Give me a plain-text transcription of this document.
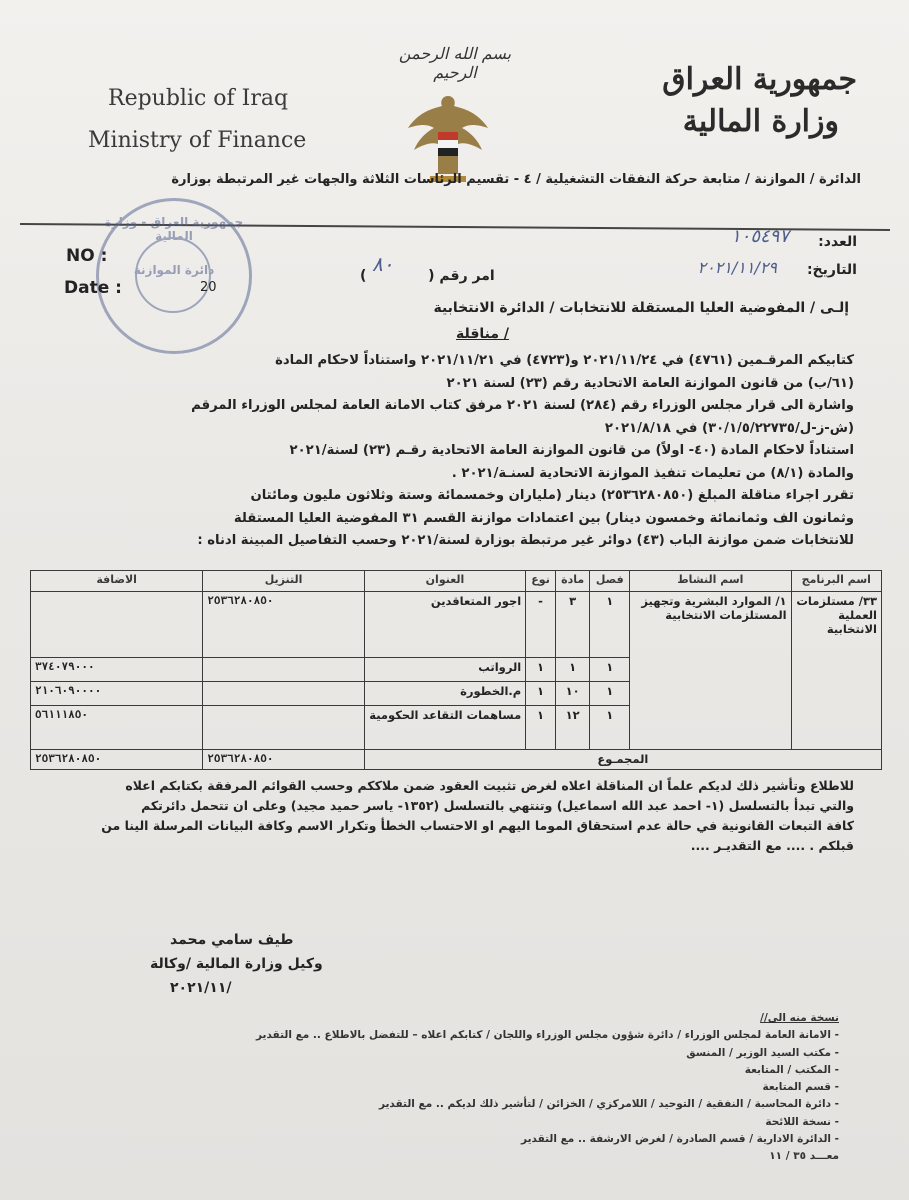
Republic of Iraq
Ministry of Finance
جمهورية العراق
وزارة المالية
بسم الله الرحمن الرحيم
الدائرة / الموازنة / متابعة حركة النفقات التشغيلية / ٤ - تقسيم الرئاسات الثلاثة والجهات غير المرتبطة بوزارة
جمهورية العراق - وزارة المالية
دائرة الموازنة
NO :
Date :	20
العدد:
١٠٥٤٩٧
التاريخ:
٢٠٢١/١١/٢٩
٨٠	امر رقم (  )
إلـى / المفوضية العليا المستقلة للانتخابات / الدائرة الانتخابية
/ مناقلة
كتابيكم المرقـمين (٤٧٦١) في ٢٠٢١/١١/٢٤ و(٤٧٢٣) في ٢٠٢١/١١/٢١ واستناداً لاحكام المادة
(٦١/ب) من قانون الموازنة العامة الاتحادية رقم (٢٣) لسنة ٢٠٢١
واشارة الى قرار مجلس الوزراء رقم (٢٨٤) لسنة ٢٠٢١ مرفق كتاب الامانة العامة لمجلس الوزراء المرقم
(ش-ز-ل/٣٠/١/٥/٢٢٧٣٥) في ٢٠٢١/٨/١٨
استناداً لاحكام المادة (٤٠- اولاً) من قانون الموازنة العامة الاتحادية رقـم (٢٣) لسنة/٢٠٢١
والمادة (٨/١) من تعليمات تنفيذ الموازنة الاتحادية لسنـة/٢٠٢١ .
تقرر اجراء مناقلة المبلغ (٢٥٣٦٢٨٠٨٥٠) دينار (ملياران وخمسمائة وستة وثلاثون مليون ومائتان
وثمانون الف وثمانمائة وخمسون دينار) بين اعتمادات موازنة القسم ٣١ المفوضية العليا المستقلة
للانتخابات ضمن موازنة الباب (٤٣) دوائر غير مرتبطة بوزارة لسنة/٢٠٢١ وحسب التفاصيل المبينة ادناه :
اسم البرنامج	اسم النشاط	فصل	مادة	نوع	العنوان	التنزيل	الاضافة
٣٣/ مستلزمات العملية الانتخابية	١/ الموارد البشرية وتجهيز المستلزمات الانتخابية	١	٣	-	اجور المتعاقدين	٢٥٣٦٢٨٠٨٥٠	
		١	١	١	الرواتب		٣٧٤٠٧٩٠٠٠
		١	١٠	١	م.الخطورة		٢١٠٦٠٩٠٠٠٠
		١	١٢	١	مساهمات التقاعد الحكومية		٥٦١١١٨٥٠
المجمـوع						٢٥٣٦٢٨٠٨٥٠	٢٥٣٦٢٨٠٨٥٠
للاطلاع وتأشير ذلك لديكم علماً ان المناقلة اعلاه لغرض تثبيت العقود ضمن ملاككم وحسب القوائم المرفقة بكتابكم اعلاه
والتي تبدأ بالتسلسل (١- احمد عبد الله اسماعيل) وتنتهي بالتسلسل (١٣٥٢- ياسر حميد مجيد) وعلى ان تتحمل دائرتكم
كافة التبعات القانونية في حالة عدم استحقاق الموما اليهم او الاحتساب الخطأ وتكرار الاسم وكافة البيانات المرسلة الينا من
قبلكم . .... مع التقديـر ....
طيف سامي محمد
وكيل وزارة المالية /وكالة
٢٠٢١/١١/
نسخة منه الى//
- الامانة العامة لمجلس الوزراء / دائرة شؤون مجلس الوزراء واللجان / كتابكم اعلاه – للتفضل بالاطلاع .. مع التقدير
- مكتب السيد الوزير / المنسق
- المكتب / المتابعة
- قسم المتابعة
- دائرة المحاسبة / النفقية / التوحيد / اللامركزي / الخزائن / لتأشير ذلك لديكم .. مع التقدير
- نسخة اللائحة
- الدائرة الادارية / قسم الصادرة / لغرض الارشفة .. مع التقدير
معـــد ٣٥ / ١١
